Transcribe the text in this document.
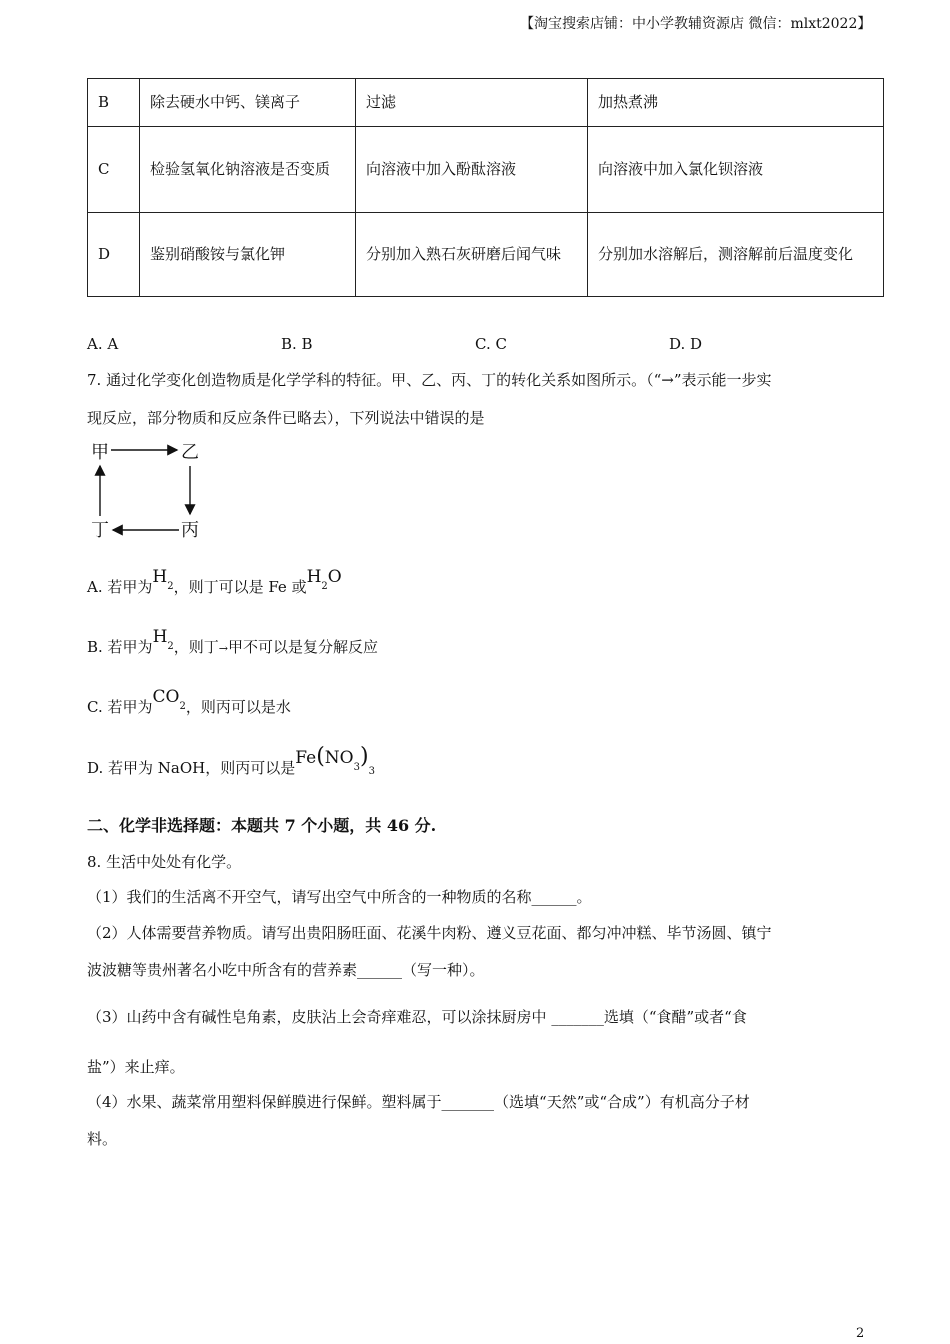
【淘宝搜索店铺：中小学教辅资源店 微信：mlxt2022】
B	除去硬水中钙、镁离子	过滤	加热煮沸
C	检验氢氧化钠溶液是否变质	向溶液中加入酚酞溶液	向溶液中加入氯化钡溶液
D	鉴别硝酸铵与氯化钾	分别加入熟石灰研磨后闻气味	分别加水溶解后，测溶解前后温度变化
A. A	B. B	C. C	D. D
7. 通过化学变化创造物质是化学学科的特征。甲、乙、丙、丁的转化关系如图所示。（“→”表示能一步实
现反应，部分物质和反应条件已略去），下列说法中错误的是
甲	乙
丙
丁
A. 若甲为$H^2$，则丁可以是 Fe 或$H^2O$
B. 若甲为$H^2$，则丁→甲不可以是复分解反应
C. 若甲为$CO^2$，则丙可以是水
D. 若甲为 NaOH，则丙可以是$Fe(NO^3)_3$
二、化学非选择题：本题共 7 个小题，共 46 分.
8. 生活中处处有化学。
（1）我们的生活离不开空气，请写出空气中所含的一种物质的名称______。
（2）人体需要营养物质。请写出贵阳肠旺面、花溪牛肉粉、遵义豆花面、都匀冲冲糕、毕节汤圆、镇宁
波波糖等贵州著名小吃中所含有的营养素______（写一种）。
（3）山药中含有碱性皂角素，皮肤沾上会奇痒难忍，可以涂抹厨房中 _______选填（“食醋”或者“食
盐”）来止痒。
（4）水果、蔬菜常用塑料保鲜膜进行保鲜。塑料属于_______（选填“天然”或“合成”）有机高分子材
料。
2
